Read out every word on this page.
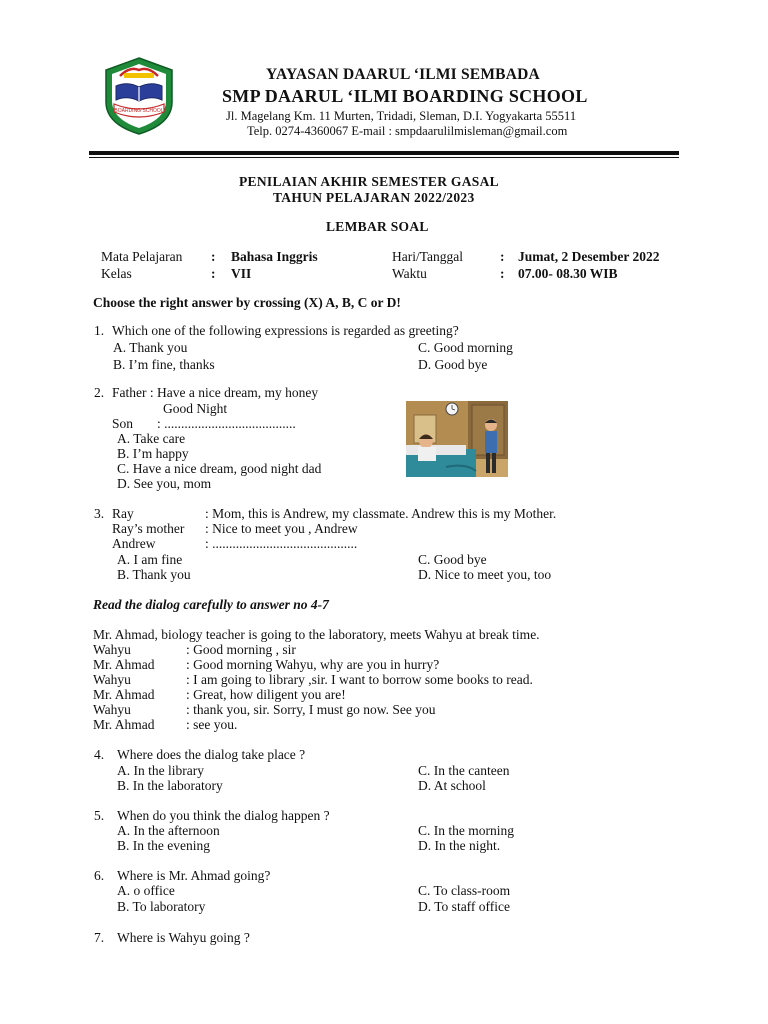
BOARDING SCHOOL
YAYASAN DAARUL ‘ILMI SEMBADA
SMP DAARUL ‘ILMI BOARDING SCHOOL
Jl. Magelang Km. 11 Murten, Tridadi, Sleman, D.I. Yogyakarta 55511
Telp. 0274-4360067 E-mail : smpdaarulilmisleman@gmail.com
PENILAIAN AKHIR SEMESTER GASAL
TAHUN PELAJARAN 2022/2023
LEMBAR SOAL
Mata Pelajaran : Bahasa Inggris	Hari/Tanggal	: Jumat, 2 Desember 2022
Kelas	: VII	Waktu	: 07.00- 08.30 WIB
Choose the right answer by crossing (X) A, B, C or D!
1. Which one of the following expressions is regarded as greeting?
A. Thank you
B. I’m fine, thanks
C. Good morning
D. Good bye
2. Father : Have a nice dream, my honey
Good Night
Son : .......................................
A. Take care
B. I’m happy
C. Have a nice dream, good night dad
D. See you, mom
3. Ray	: Mom, this is Andrew, my classmate. Andrew this is my Mother.
Ray’s mother : Nice to meet you , Andrew
Andrew	: ...........................................
A. I am fine
B. Thank you
C. Good bye
D. Nice to meet you, too
Read the dialog carefully to answer no 4-7
Mr. Ahmad, biology teacher is going to the laboratory, meets Wahyu at break time.
Wahyu	: Good morning , sir
Mr. Ahmad : Good morning Wahyu, why are you in hurry?
Wahyu	: I am going to library ,sir. I want to borrow some books to read.
Mr. Ahmad : Great, how diligent you are!
Wahyu	: thank you, sir. Sorry, I must go now. See you
Mr. Ahmad : see you.
4. Where does the dialog take place ?
A. In the library
B. In the laboratory
C. In the canteen
D. At school
5. When do you think the dialog happen ?
A. In the afternoon
B. In the evening
C. In the morning
D. In the night.
6. Where is Mr. Ahmad going?
A. o office
B. To laboratory
C. To class-room
D. To staff office
7. Where is Wahyu going ?
